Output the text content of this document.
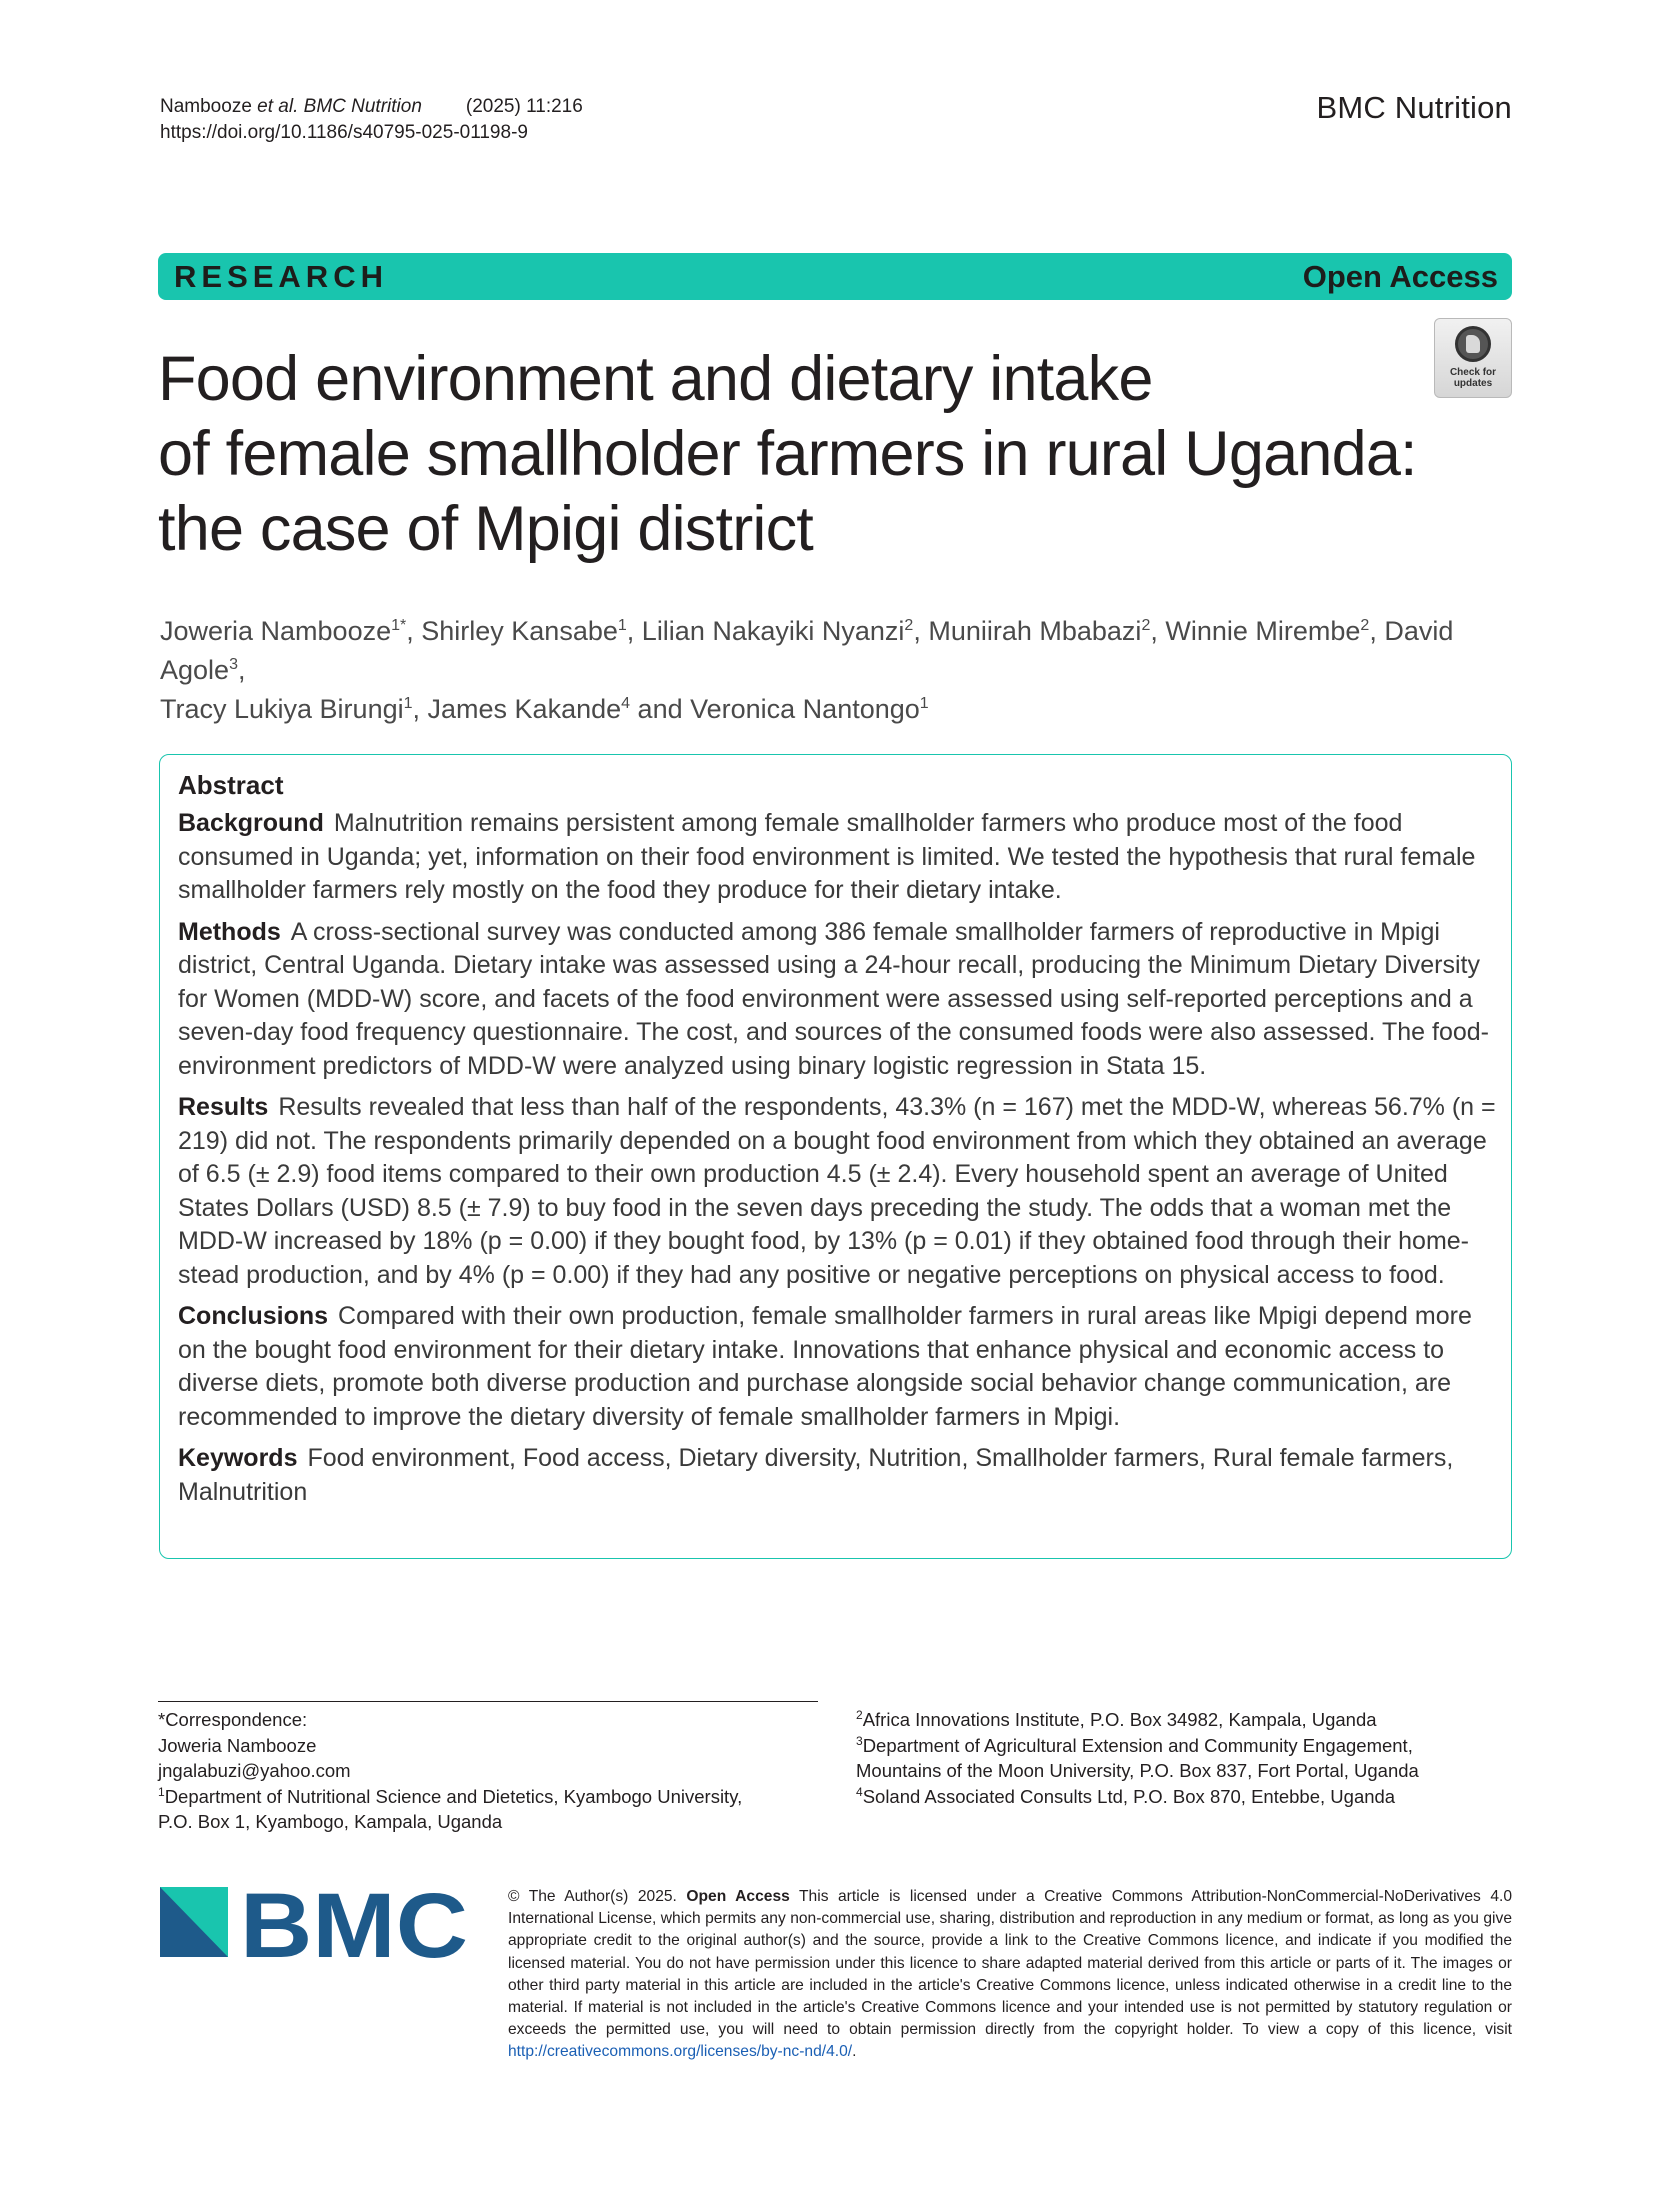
Nambooze et al. BMC Nutrition (2025) 11:216
https://doi.org/10.1186/s40795-025-01198-9
BMC Nutrition
RESEARCH	Open Access
Check for
updates
Food environment and dietary intake
of female smallholder farmers in rural Uganda:
the case of Mpigi district
Joweria Nambooze$^{1*}$, Shirley Kansabe$^1$, Lilian Nakayiki Nyanzi$^2$, Muniirah Mbabazi$^2$, Winnie Mirembe$^2$, David Agole$^3$,
Tracy Lukiya Birungi$^1$, James Kakande$^4$ and Veronica Nantongo$^1$
Abstract

Background Malnutrition remains persistent among female smallholder farmers who produce most of the food consumed in Uganda; yet, information on their food environment is limited. We tested the hypothesis that rural female smallholder farmers rely mostly on the food they produce for their dietary intake.

Methods A cross-sectional survey was conducted among 386 female smallholder farmers of reproductive in Mpigi district, Central Uganda. Dietary intake was assessed using a 24-hour recall, producing the Minimum Dietary Diversity for Women (MDD-W) score, and facets of the food environment were assessed using self-reported perceptions and a seven-day food frequency questionnaire. The cost, and sources of the consumed foods were also assessed. The food-environment predictors of MDD-W were analyzed using binary logistic regression in Stata 15.

Results Results revealed that less than half of the respondents, 43.3% (n = 167) met the MDD-W, whereas 56.7% (n = 219) did not. The respondents primarily depended on a bought food environment from which they obtained an average of 6.5 (± 2.9) food items compared to their own production 4.5 (± 2.4). Every household spent an average of United States Dollars (USD) 8.5 (± 7.9) to buy food in the seven days preceding the study. The odds that a woman met the MDD-W increased by 18% (p = 0.00) if they bought food, by 13% (p = 0.01) if they obtained food through their home-stead production, and by 4% (p = 0.00) if they had any positive or negative perceptions on physical access to food.

Conclusions Compared with their own production, female smallholder farmers in rural areas like Mpigi depend more on the bought food environment for their dietary intake. Innovations that enhance physical and economic access to diverse diets, promote both diverse production and purchase alongside social behavior change communication, are recommended to improve the dietary diversity of female smallholder farmers in Mpigi.

Keywords Food environment, Food access, Dietary diversity, Nutrition, Smallholder farmers, Rural female farmers, Malnutrition

*Correspondence:
Joweria Nambooze
jngalabuzi@yahoo.com
$^1$Department of Nutritional Science and Dietetics, Kyambogo University,
P.O. Box 1, Kyambogo, Kampala, Uganda
$^2$Africa Innovations Institute, P.O. Box 34982, Kampala, Uganda
$^3$Department of Agricultural Extension and Community Engagement,
Mountains of the Moon University, P.O. Box 837, Fort Portal, Uganda
$^4$Soland Associated Consults Ltd, P.O. Box 870, Entebbe, Uganda
BMC	© The Author(s) 2025. Open Access This article is licensed under a Creative Commons Attribution-NonCommercial-NoDerivatives 4.0 International License, which permits any non-commercial use, sharing, distribution and reproduction in any medium or format, as long as you give appropriate credit to the original author(s) and the source, provide a link to the Creative Commons licence, and indicate if you modified the licensed material. You do not have permission under this licence to share adapted material derived from this article or parts of it. The images or other third party material in this article are included in the article's Creative Commons licence, unless indicated otherwise in a credit line to the material. If material is not included in the article's Creative Commons licence and your intended use is not permitted by statutory regulation or exceeds the permitted use, you will need to obtain permission directly from the copyright holder. To view a copy of this licence, visit http://creativecommons.org/licenses/by-nc-nd/4.0/.
